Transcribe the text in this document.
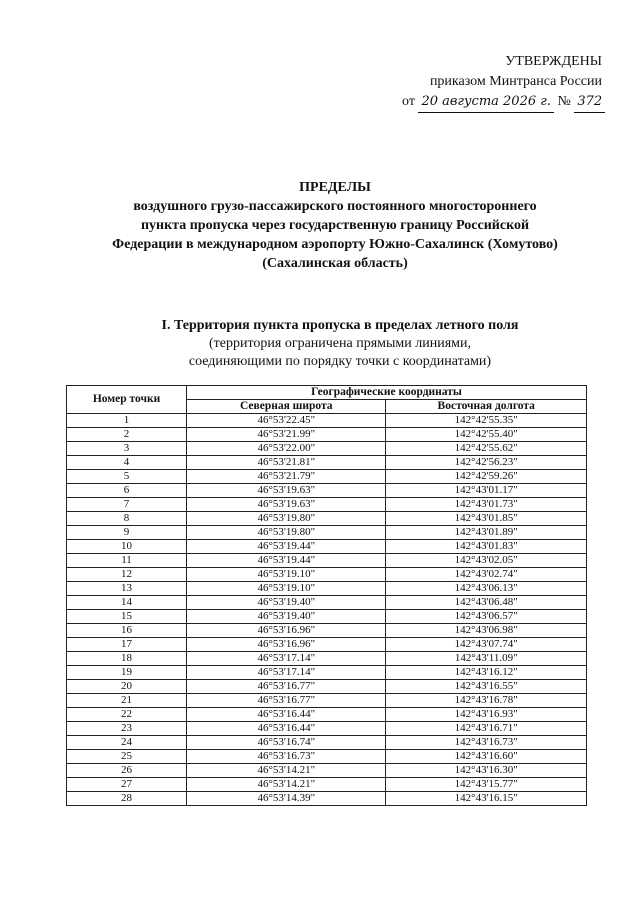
УТВЕРЖДЕНЫ
приказом Минтранса России
от 20 августа 2026 г. № 372
ПРЕДЕЛЫ
воздушного грузо-пассажирского постоянного многостороннего
пункта пропуска через государственную границу Российской
Федерации в международном аэропорту Южно-Сахалинск (Хомутово)
(Сахалинская область)
I. Территория пункта пропуска в пределах летного поля
(территория ограничена прямыми линиями,
соединяющими по порядку точки с координатами)
Номер точки	Географические координаты	
	Северная широта	Восточная долгота
1	46°53'22.45"	142°42'55.35"
2	46°53'21.99"	142°42'55.40"
3	46°53'22.00"	142°42'55.62"
4	46°53'21.81"	142°42'56.23"
5	46°53'21.79"	142°42'59.26"
6	46°53'19.63"	142°43'01.17"
7	46°53'19.63"	142°43'01.73"
8	46°53'19.80"	142°43'01.85"
9	46°53'19.80"	142°43'01.89"
10	46°53'19.44"	142°43'01.83"
11	46°53'19.44"	142°43'02.05"
12	46°53'19.10"	142°43'02.74"
13	46°53'19.10"	142°43'06.13"
14	46°53'19.40"	142°43'06.48"
15	46°53'19.40"	142°43'06.57"
16	46°53'16.96"	142°43'06.98"
17	46°53'16.96"	142°43'07.74"
18	46°53'17.14"	142°43'11.09"
19	46°53'17.14"	142°43'16.12"
20	46°53'16.77"	142°43'16.55"
21	46°53'16.77"	142°43'16.78"
22	46°53'16.44"	142°43'16.93"
23	46°53'16.44"	142°43'16.71"
24	46°53'16.74"	142°43'16.73"
25	46°53'16.73"	142°43'16.60"
26	46°53'14.21"	142°43'16.30"
27	46°53'14.21"	142°43'15.77"
28	46°53'14.39"	142°43'16.15"
